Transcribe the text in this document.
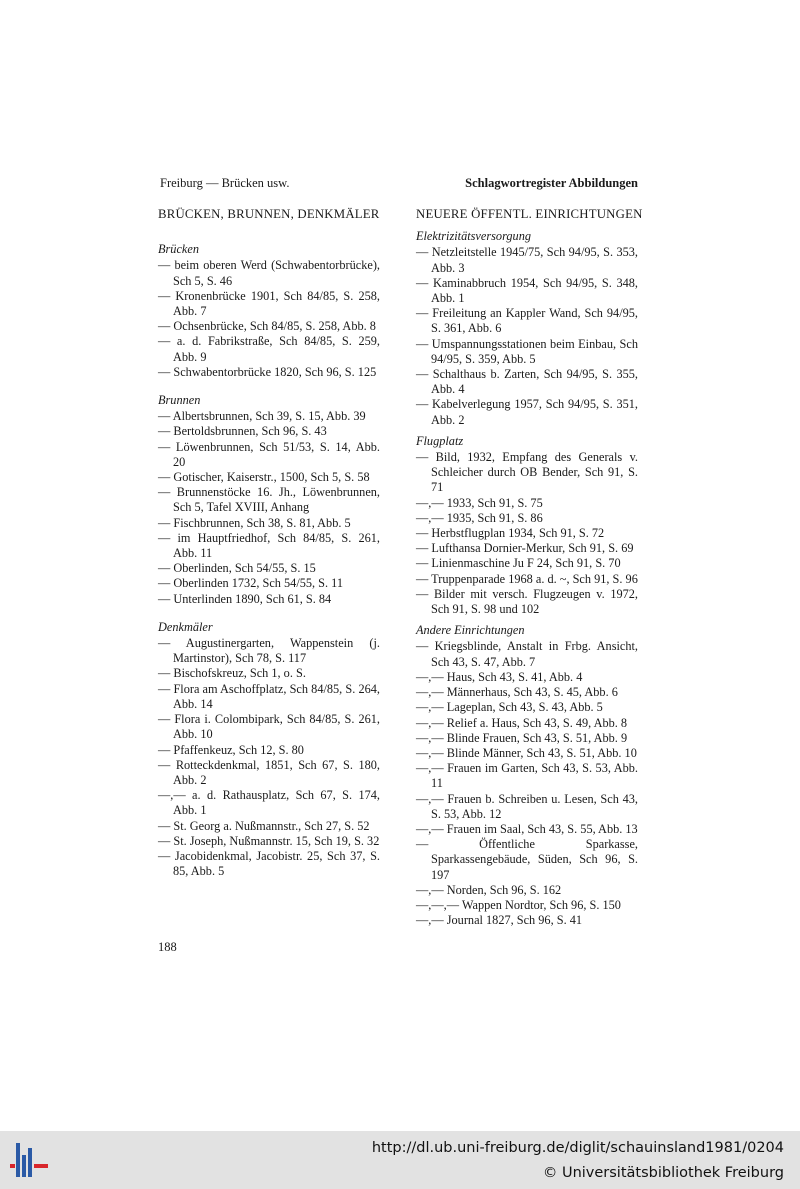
Freiburg — Brücken usw.	Schlagwortregister Abbildungen
BRÜCKEN, BRUNNEN, DENKMÄLER
Brücken
— beim oberen Werd (Schwabentorbrücke), Sch 5, S. 46
— Kronenbrücke 1901, Sch 84/85, S. 258, Abb. 7
— Ochsenbrücke, Sch 84/85, S. 258, Abb. 8
— a. d. Fabrikstraße, Sch 84/85, S. 259, Abb. 9
— Schwabentorbrücke 1820, Sch 96, S. 125
Brunnen
— Albertsbrunnen, Sch 39, S. 15, Abb. 39
— Bertoldsbrunnen, Sch 96, S. 43
— Löwenbrunnen, Sch 51/53, S. 14, Abb. 20
— Gotischer, Kaiserstr., 1500, Sch 5, S. 58
— Brunnenstöcke 16. Jh., Löwenbrunnen, Sch 5, Tafel XVIII, Anhang
— Fischbrunnen, Sch 38, S. 81, Abb. 5
— im Hauptfriedhof, Sch 84/85, S. 261, Abb. 11
— Oberlinden, Sch 54/55, S. 15
— Oberlinden 1732, Sch 54/55, S. 11
— Unterlinden 1890, Sch 61, S. 84
Denkmäler
— Augustinergarten, Wappenstein (j. Martinstor), Sch 78, S. 117
— Bischofskreuz, Sch 1, o. S.
— Flora am Aschoffplatz, Sch 84/85, S. 264, Abb. 14
— Flora i. Colombipark, Sch 84/85, S. 261, Abb. 10
— Pfaffenkeuz, Sch 12, S. 80
— Rotteckdenkmal, 1851, Sch 67, S. 180, Abb. 2
—,— a. d. Rathausplatz, Sch 67, S. 174, Abb. 1
— St. Georg a. Nußmannstr., Sch 27, S. 52
— St. Joseph, Nußmannstr. 15, Sch 19, S. 32
— Jacobidenkmal, Jacobistr. 25, Sch 37, S. 85, Abb. 5
NEUERE ÖFFENTL. EINRICHTUNGEN
Elektrizitätsversorgung
— Netzleitstelle 1945/75, Sch 94/95, S. 353, Abb. 3
— Kaminabbruch 1954, Sch 94/95, S. 348, Abb. 1
— Freileitung an Kappler Wand, Sch 94/95, S. 361, Abb. 6
— Umspannungsstationen beim Einbau, Sch 94/95, S. 359, Abb. 5
— Schalthaus b. Zarten, Sch 94/95, S. 355, Abb. 4
— Kabelverlegung 1957, Sch 94/95, S. 351, Abb. 2
Flugplatz
— Bild, 1932, Empfang des Generals v. Schleicher durch OB Bender, Sch 91, S. 71
—,— 1933, Sch 91, S. 75
—,— 1935, Sch 91, S. 86
— Herbstflugplan 1934, Sch 91, S. 72
— Lufthansa Dornier-Merkur, Sch 91, S. 69
— Linienmaschine Ju F 24, Sch 91, S. 70
— Truppenparade 1968 a. d. ~, Sch 91, S. 96
— Bilder mit versch. Flugzeugen v. 1972, Sch 91, S. 98 und 102
Andere Einrichtungen
— Kriegsblinde, Anstalt in Frbg. Ansicht, Sch 43, S. 47, Abb. 7
—,— Haus, Sch 43, S. 41, Abb. 4
—,— Männerhaus, Sch 43, S. 45, Abb. 6
—,— Lageplan, Sch 43, S. 43, Abb. 5
—,— Relief a. Haus, Sch 43, S. 49, Abb. 8
—,— Blinde Frauen, Sch 43, S. 51, Abb. 9
—,— Blinde Männer, Sch 43, S. 51, Abb. 10
—,— Frauen im Garten, Sch 43, S. 53, Abb. 11
—,— Frauen b. Schreiben u. Lesen, Sch 43, S. 53, Abb. 12
—,— Frauen im Saal, Sch 43, S. 55, Abb. 13
— Öffentliche Sparkasse, Sparkassengebäude, Süden, Sch 96, S. 197
—,— Norden, Sch 96, S. 162
—,—,— Wappen Nordtor, Sch 96, S. 150
—,— Journal 1827, Sch 96, S. 41
188
http://dl.ub.uni-freiburg.de/diglit/schauinsland1981/0204
© Universitätsbibliothek Freiburg
